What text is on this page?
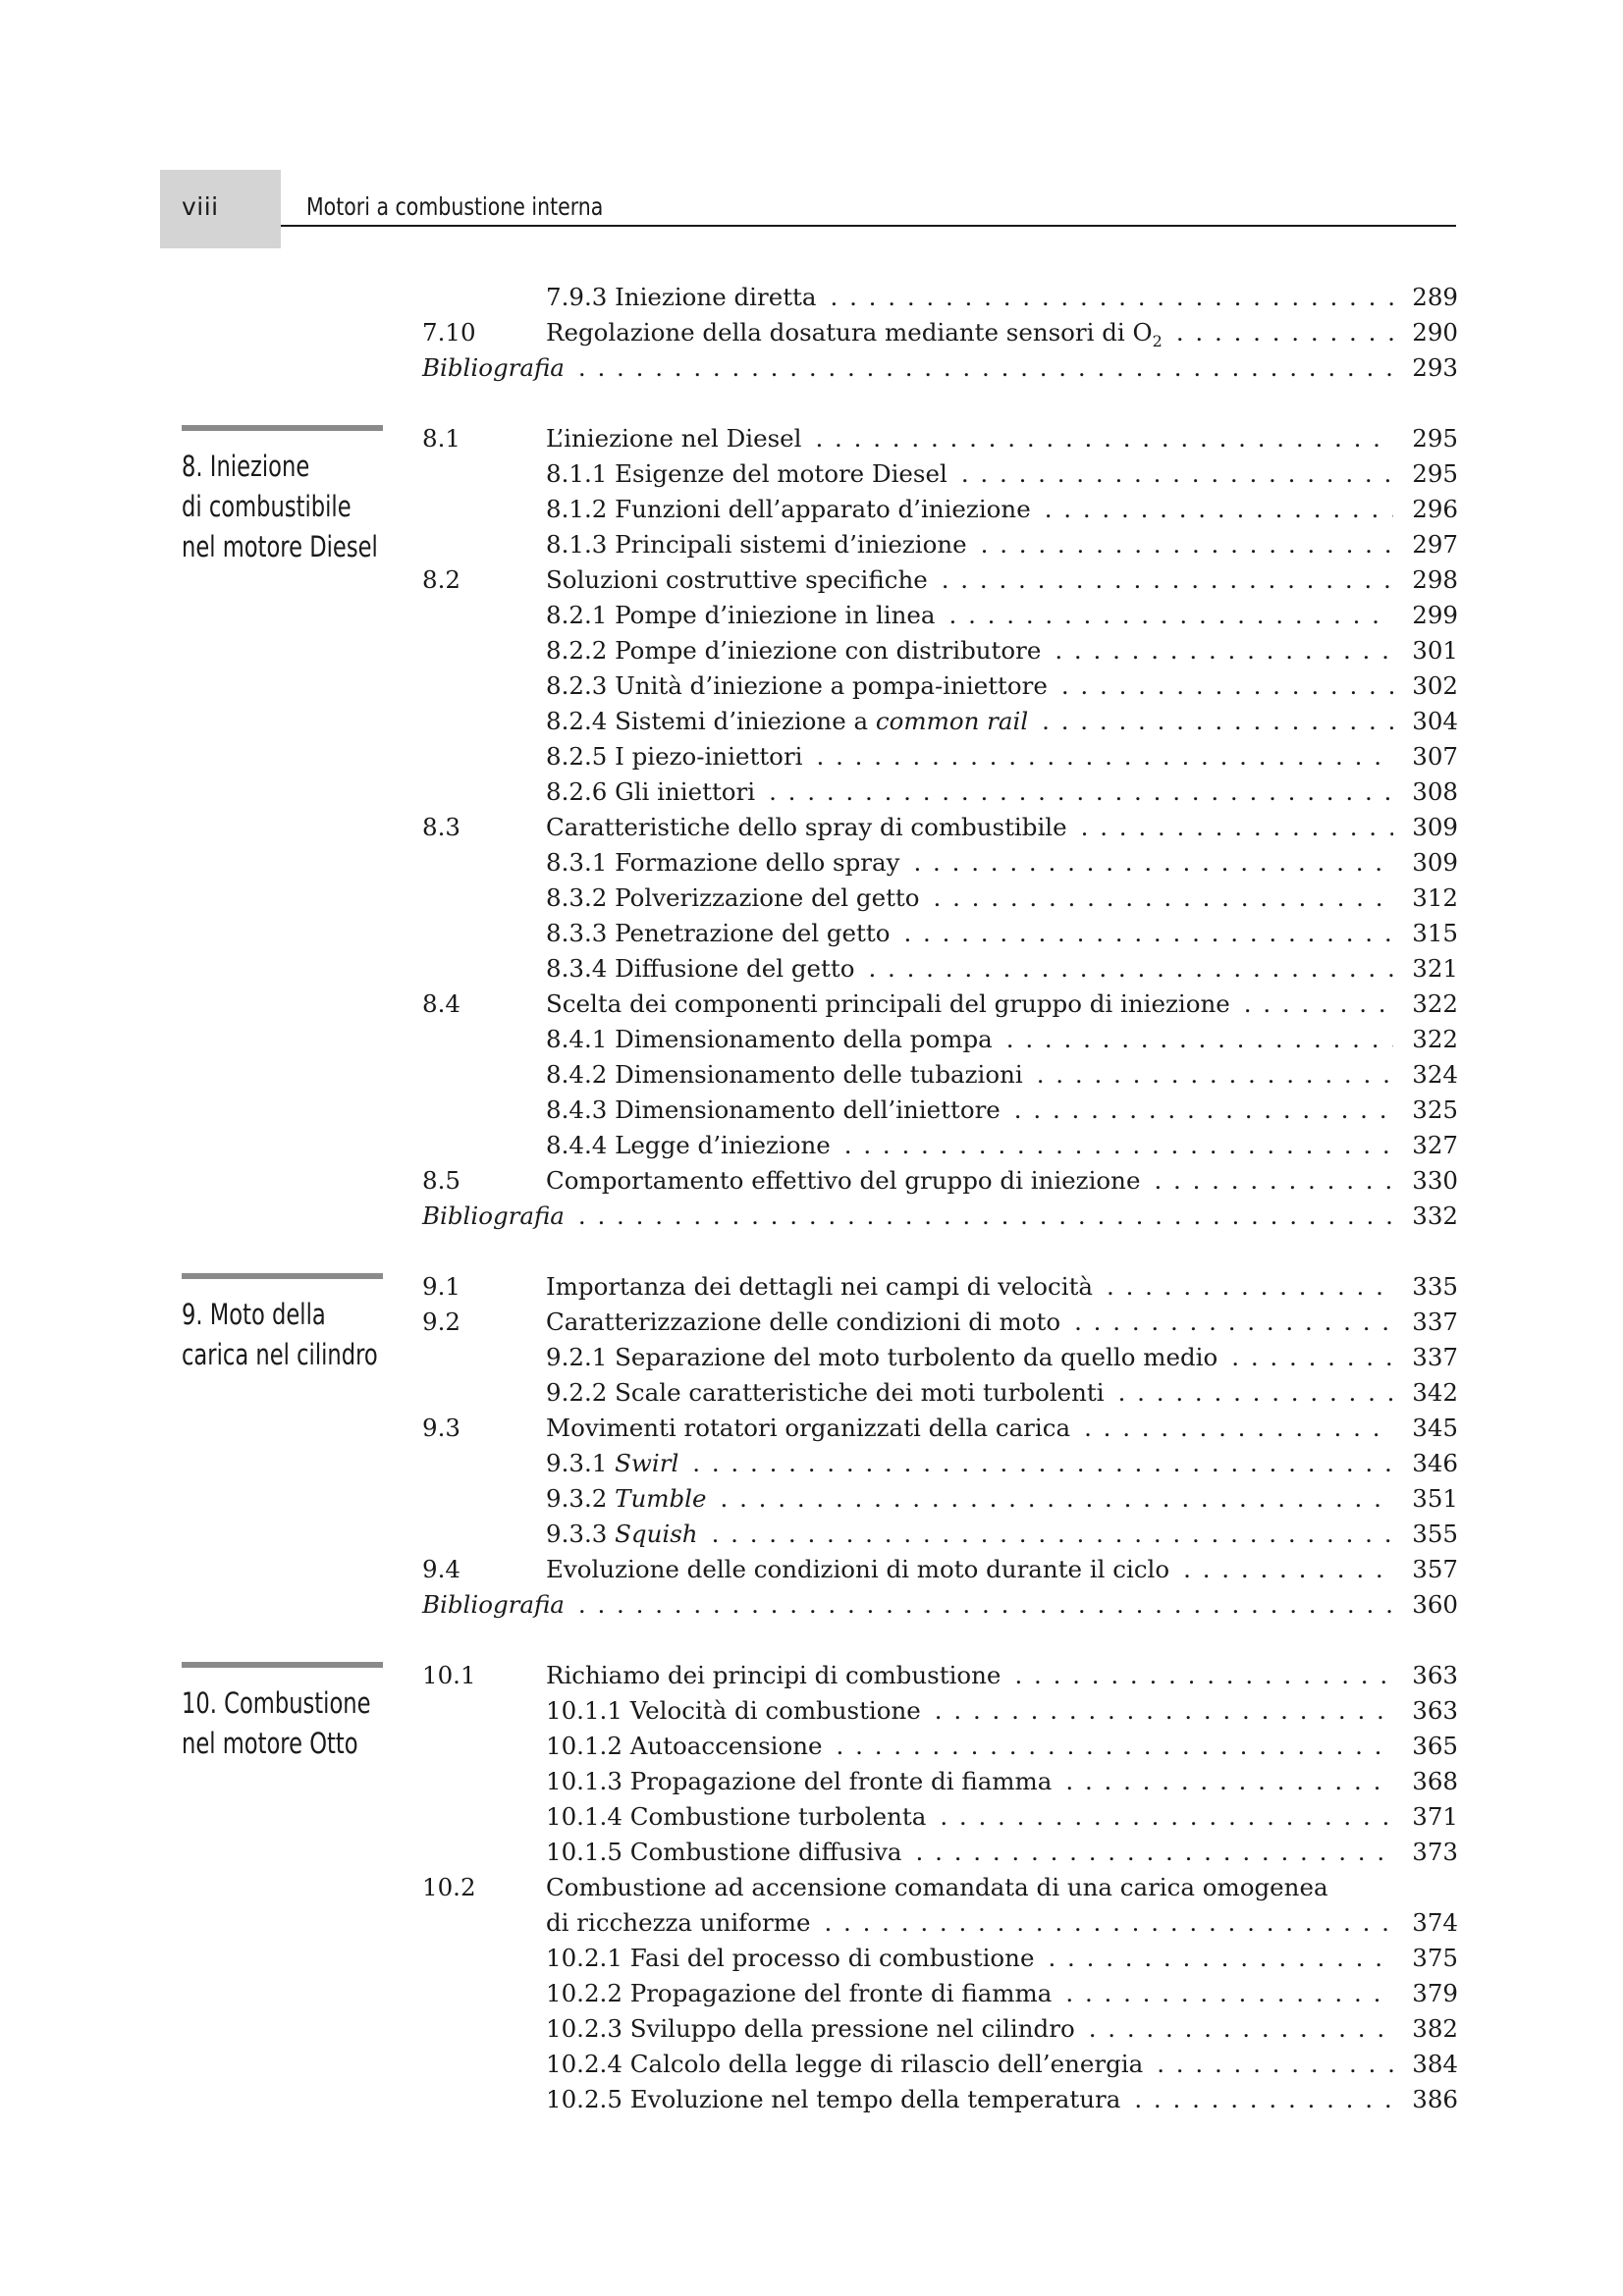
viii	Motori a combustione interna
8. Iniezione
di combustibile
nel motore Diesel
9. Moto della
carica nel cilindro
10. Combustione
nel motore Otto
7.9.3 Iniezione diretta . . .	289
7.10	Regolazione della dosatura mediante sensori di $O_2$ . . .	290
Bibliografia . . .	293
8.1	L’iniezione nel Diesel . . .	295
8.1.1 Esigenze del motore Diesel . . .	295
8.1.2 Funzioni dell’apparato d’iniezione . . .	296
8.1.3 Principali sistemi d’iniezione . . .	297
8.2	Soluzioni costruttive specifiche . . .	298
8.2.1 Pompe d’iniezione in linea . . .	299
8.2.2 Pompe d’iniezione con distributore . . .	301
8.2.3 Unità d’iniezione a pompa-iniettore . . .	302
8.2.4 Sistemi d’iniezione a common rail . . .	304
8.2.5 I piezo-iniettori . . .	307
8.2.6 Gli iniettori . . .	308
8.3	Caratteristiche dello spray di combustibile . . .	309
8.3.1 Formazione dello spray . . .	309
8.3.2 Polverizzazione del getto . . .	312
8.3.3 Penetrazione del getto . . .	315
8.3.4 Diffusione del getto . . .	321
8.4	Scelta dei componenti principali del gruppo di iniezione . . .	322
8.4.1 Dimensionamento della pompa . . .	322
8.4.2 Dimensionamento delle tubazioni . . .	324
8.4.3 Dimensionamento dell’iniettore . . .	325
8.4.4 Legge d’iniezione . . .	327
8.5	Comportamento effettivo del gruppo di iniezione . . .	330
Bibliografia . . .	332
9.1	Importanza dei dettagli nei campi di velocità . . .	335
9.2	Caratterizzazione delle condizioni di moto . . .	337
9.2.1 Separazione del moto turbolento da quello medio . . .	337
9.2.2 Scale caratteristiche dei moti turbolenti . . .	342
9.3	Movimenti rotatori organizzati della carica . . .	345
9.3.1 Swirl . . .	346
9.3.2 Tumble . . .	351
9.3.3 Squish . . .	355
9.4	Evoluzione delle condizioni di moto durante il ciclo . . .	357
Bibliografia . . .	360
10.1	Richiamo dei principi di combustione . . .	363
10.1.1 Velocità di combustione . . .	363
10.1.2 Autoaccensione . . .	365
10.1.3 Propagazione del fronte di fiamma . . .	368
10.1.4 Combustione turbolenta . . .	371
10.1.5 Combustione diffusiva . . .	373
10.2	Combustione ad accensione comandata di una carica omogenea
di ricchezza uniforme . . .	374
10.2.1 Fasi del processo di combustione . . .	375
10.2.2 Propagazione del fronte di fiamma . . .	379
10.2.3 Sviluppo della pressione nel cilindro . . .	382
10.2.4 Calcolo della legge di rilascio dell’energia . . .	384
10.2.5 Evoluzione nel tempo della temperatura . . .	386
